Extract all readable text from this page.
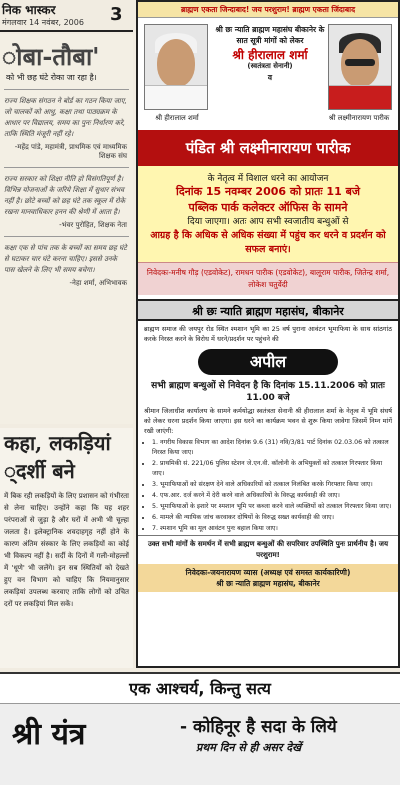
निक भास्कर
मंगलवार 14 नवंबर, 2006 3
ोबा-तौबा'
को भी छह घंटे रोका जा रहा है।
राज्य शिक्षक संगठन ने बोर्ड का गठन किया जाए, जो चालकों को आधु, कक्षा तथा पाठ्यक्रम के आधार पर विद्यालय, समय का पुनः निर्धारण करे, ताकि स्थिति मंजूरी नहीं रहे।
-महेंद्र पांडे, महामंत्री, प्राथमिक एवं माध्यमिक शिक्षक संघ
राज्य सरकार को शिक्षा नीति हो विसंगतिपूर्ण है। विभिन्न योजनाओं के जरिये शिक्षा में सुधार संभव नहीं है। छोटे बच्चों को छह घंटे तक स्कूल में रोके रखना मानवाधिकार हनन की श्रेणी में आता है।
-भंवर पुरोहित, शिक्षक नेता
कक्षा एक से पांच तक के बच्चों का समय छह घंटे से घटाकर चार घंटे करना चाहिए। इससे उनके पास खेलने के लिए भी समय बचेगा।
-नेहा शर्मा, अभिभावक
कहा, लकड़ियां
्दर्शी बने
में बिक रही लकड़ियों के लिए प्रशासन को गंभीरता से लेना चाहिए। उन्होंने कहा कि यह शहर परंपराओं से जुड़ा है और घरों में अभी भी चूल्हा जलता है। इलेक्ट्रानिक शवदाहगृह नहीं होने के कारण अंतिम संस्कार के लिए लकड़ियों का कोई भी विकल्प नहीं है। सर्दी के दिनों में गली-मोहल्लों में 'धूणे' भी जलेंगे। इन सब स्थितियों को देखते हुए वन विभाग को चाहिए कि नियमानुसार लकड़ियां उपलब्ध करवाए ताकि लोगों को उचित दरों पर लकड़ियां मिल सकें।
ब्राह्मण एकता जिन्दाबाद! जय परशुराम! ब्राह्मण एकता जिंदाबाद
श्री छः न्याति ब्राह्मण महासंघ बीकानेर के सात सूत्री मांगों को लेकर
श्री हीरालाल शर्मा
(स्वतंत्रता सेनानी)
व
श्री हीरालाल शर्मा	श्री लक्ष्मीनारायण पारीक
पंडित श्री लक्ष्मीनारायण पारीक
के नेतृत्व में विशाल धरने का आयोजन
दिनांक 15 नवम्बर 2006 को प्रातः 11 बजे
पब्लिक पार्क कलेक्टर ऑफिस के सामने
दिया जाएगा। अतः आप सभी स्वजातीय बन्धुओं से
आग्रह है कि अधिक से अधिक संख्या में पहुंच कर धरने व प्रदर्शन को सफल बनाएं।
निवेदकः-मनीष गौड़ (एडवोकेट), रामधन पारीक (एडवोकेट), बालूराम पारीक, जितेन्द्र शर्मा, लोकेश चतुर्वेदी
श्री छः न्याति ब्राह्मण महासंघ, बीकानेर
ब्राह्मण समाज की जयपुर रोड स्थित श्मशान भूमि का 25 वर्ष पुराना आवंटन भूमाफिया के साथ सांठगांठ करके निरस्त करने के विरोध में धरने/प्रदर्शन पर पहुंचने की
अपील
सभी ब्राह्मण बन्धुओं से निवेदन है कि दिनांक 15.11.2006 को प्रातः 11.00 बजे
श्रीमान जिलाधीश कार्यालय के सामने कर्मयोद्धा स्वतंत्रता सेनानी श्री हीरालाल शर्मा के नेतृत्व में भूमि संघर्ष को लेकर धरना प्रदर्शन किया जाएगा। इस धरने का कार्यक्रम भवन से शुरू किया जावेगा जिसमें निम्न मांगें रखी जाएंगी:
• 1. नगरीय विकास विभाग का आदेश दिनांक 9.6 (31) नवि/3/81 पार्ट दिनांक 02.03.06 को तत्काल निरस्त किया जाए।
• 2. प्राथमिकी सं. 221/06 पुलिस स्टेशन जे.एन.वी. कॉलोनी के अभियुक्तों को तत्काल गिरफ्तार किया जाए।
• 3. भूमाफियाओं को संरक्षण देने वाले अधिकारियों को तत्काल निलंबित करके गिरफ्तार किया जाए।
• 4. एफ.आर. दर्ज करने में देरी करने वाले अधिकारियों के विरुद्ध कार्यवाही की जाए।
• 5. भूमाफियाओं के इशारे पर श्मशान भूमि पर कब्जा करने वाले व्यक्तियों को तत्काल गिरफ्तार किया जाए।
• 6. मामले की न्यायिक जांच करवाकर दोषियों के विरुद्ध सख्त कार्यवाही की जाए।
• 7. श्मशान भूमि का मूल आवंटन पुनः बहाल किया जाए।
उक्त सभी मांगों के समर्थन में सभी ब्राह्मण बन्धुओं की सपरिवार उपस्थिति पुनः प्रार्थनीय है। जय परशुराम!
निवेदकः-जयनारायण व्यास (अध्यक्ष एवं समस्त कार्यकारिणी)
श्री छः न्याति ब्राह्मण महासंघ, बीकानेर
एक आश्चर्य, किन्तु सत्य
श्री यंत्र	- कोहिनूर है सदा के लिये
प्रथम दिन से ही असर देखें
